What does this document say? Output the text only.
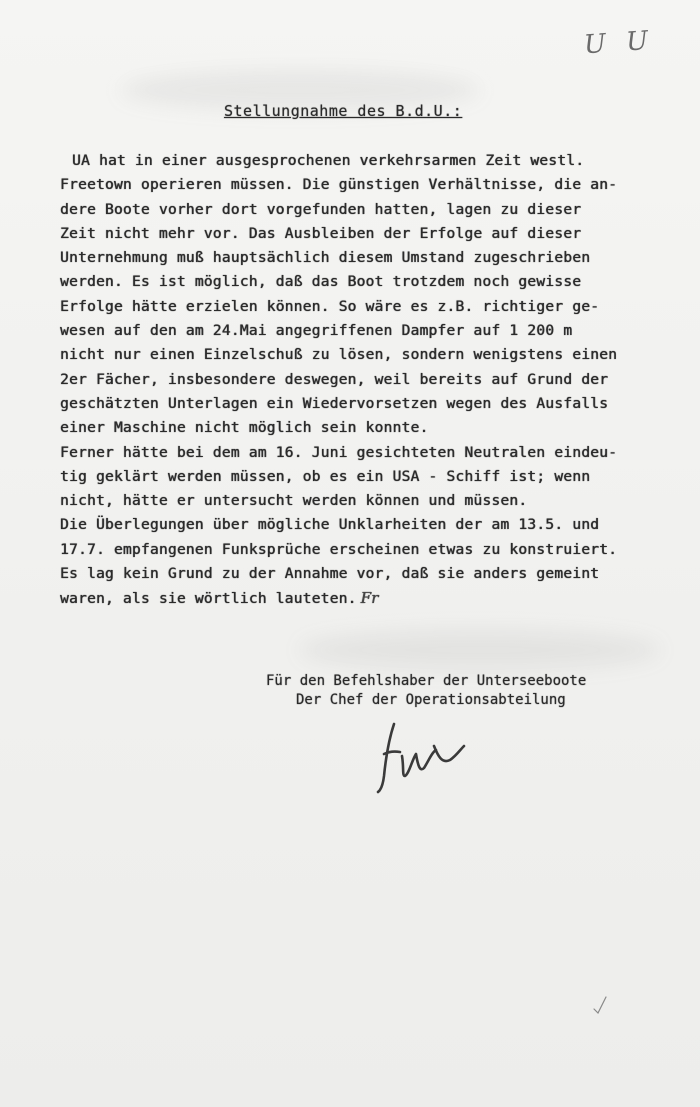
U U
Stellungnahme des B.d.U.:
UA hat in einer ausgesprochenen verkehrsarmen Zeit westl.
Freetown operieren müssen. Die günstigen Verhältnisse, die an-
dere Boote vorher dort vorgefunden hatten, lagen zu dieser
Zeit nicht mehr vor. Das Ausbleiben der Erfolge auf dieser
Unternehmung muß hauptsächlich diesem Umstand zugeschrieben
werden. Es ist möglich, daß das Boot trotzdem noch gewisse
Erfolge hätte erzielen können. So wäre es z.B. richtiger ge-
wesen auf den am 24.Mai angegriffenen Dampfer auf 1 200 m
nicht nur einen Einzelschuß zu lösen, sondern wenigstens einen
2er Fächer, insbesondere deswegen, weil bereits auf Grund der
geschätzten Unterlagen ein Wiedervorsetzen wegen des Ausfalls
einer Maschine nicht möglich sein konnte.
Ferner hätte bei dem am 16. Juni gesichteten Neutralen eindeu-
tig geklärt werden müssen, ob es ein USA - Schiff ist; wenn
nicht, hätte er untersucht werden können und müssen.
Die Überlegungen über mögliche Unklarheiten der am 13.5. und
17.7. empfangenen Funksprüche erscheinen etwas zu konstruiert.
Es lag kein Grund zu der Annahme vor, daß sie anders gemeint
waren, als sie wörtlich lauteten. Fr
Für den Befehlshaber der Unterseeboote
Der Chef der Operationsabteilung
